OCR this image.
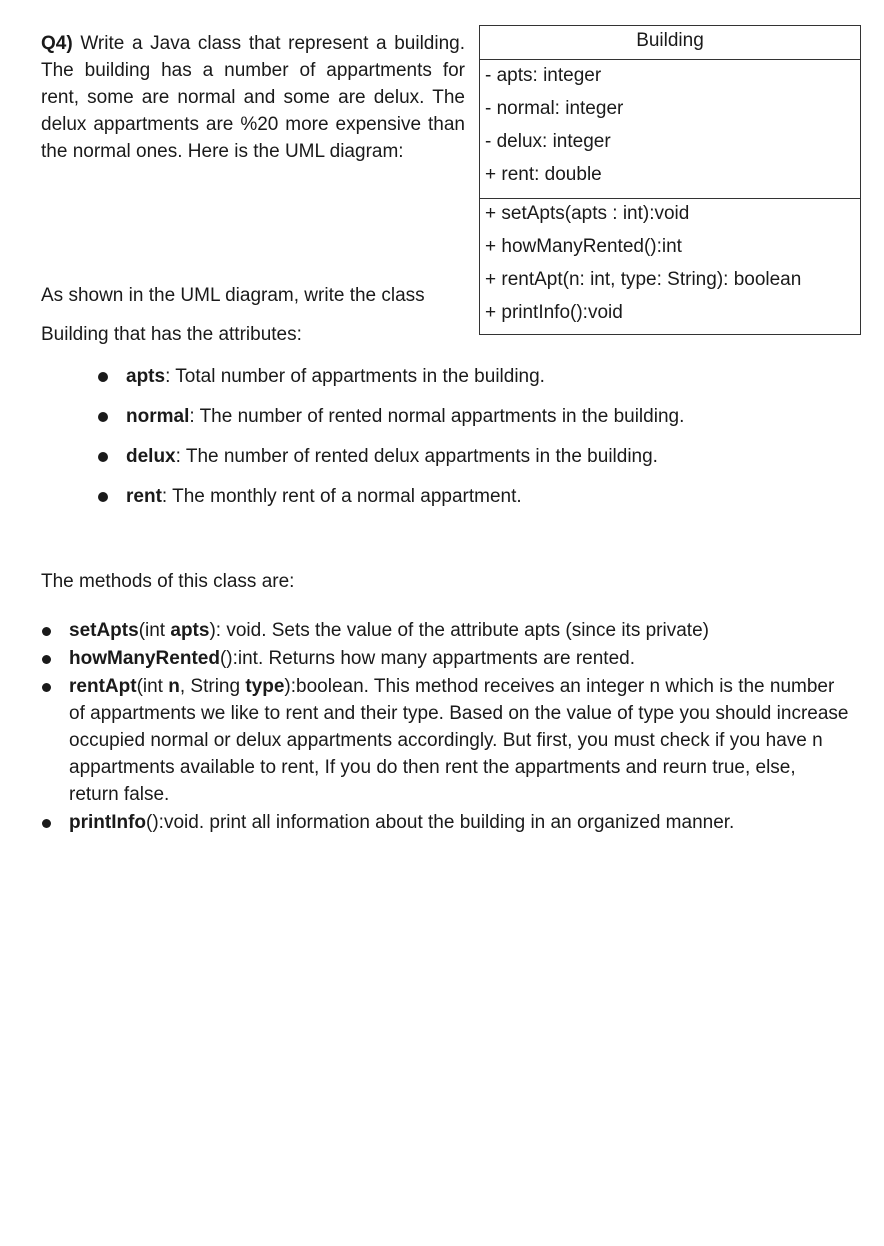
Q4) Write a Java class that represent a building. The building has a number of appartments for rent, some are normal and some are delux. The delux appartments are %20 more expensive than the normal ones. Here is the UML diagram:
Building
- apts: integer
- normal: integer
- delux: integer
+ rent: double
+ setApts(apts : int):void
+ howManyRented():int
+ rentApt(n: int, type: String): boolean
+ printInfo():void
As shown in the UML diagram, write the class
Building that has the attributes:
apts: Total number of appartments in the building.
normal: The number of rented normal appartments in the building.
delux: The number of rented delux appartments in the building.
rent: The monthly rent of a normal appartment.
The methods of this class are:
setApts(int apts): void. Sets the value of the attribute apts (since its private)
howManyRented():int. Returns how many appartments are rented.
rentApt(int n, String type):boolean. This method receives an integer n which is the number of appartments we like to rent and their type. Based on the value of type you should increase occupied normal or delux appartments accordingly. But first, you must check if you have n appartments available to rent, If you do then rent the appartments and reurn true, else, return false.
printInfo():void. print all information about the building in an organized manner.
